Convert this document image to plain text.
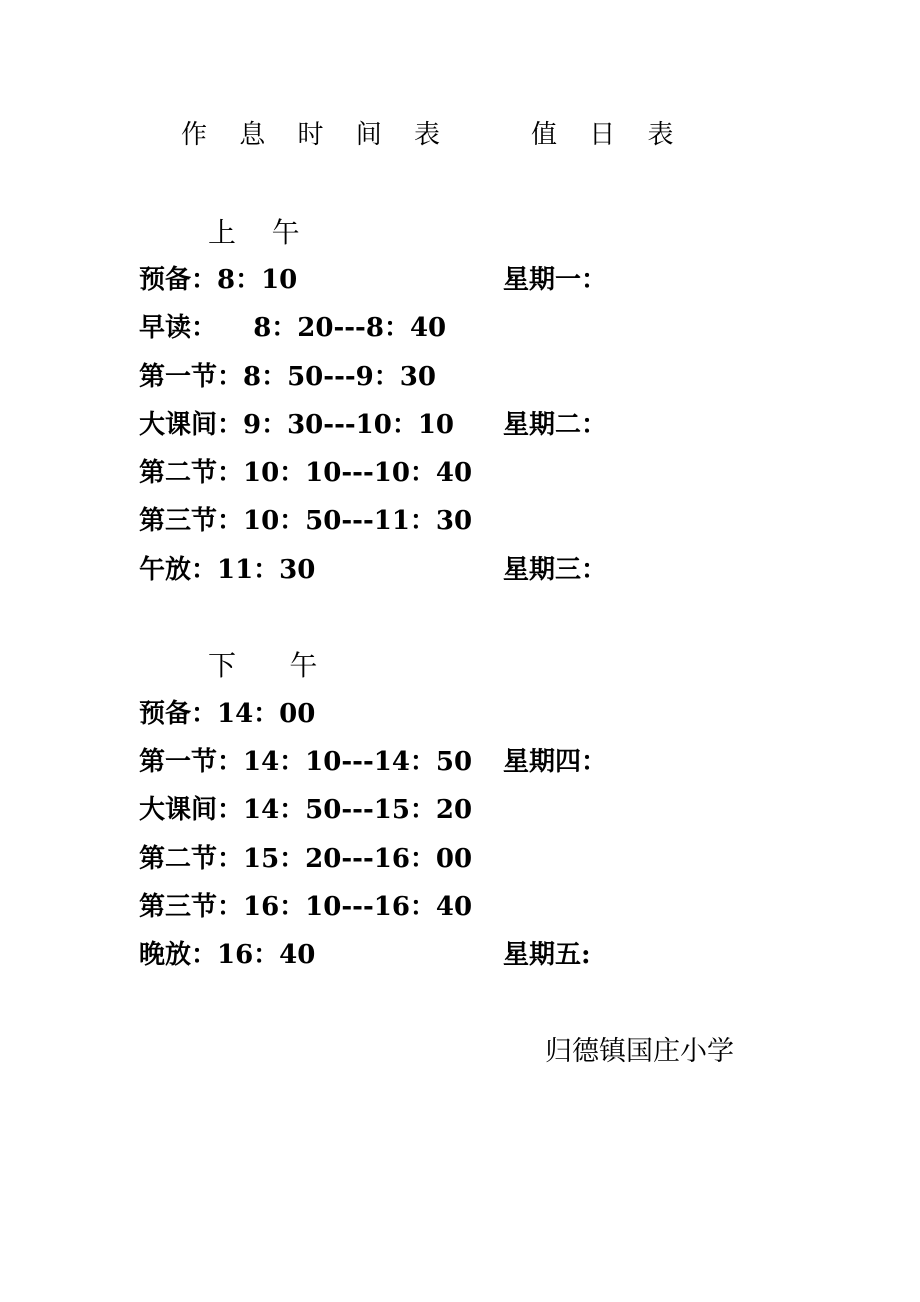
作 息 时 间 表	值 日 表
上    午
预备：8：10
早读：    8：20---8：40
第一节：8：50---9：30
大课间：9：30---10：10
第二节：10：10---10：40
第三节：10：50---11：30
午放：11：30
下      午
预备：14：00
第一节：14：10---14：50
大课间：14：50---15：20
第二节：15：20---16：00
第三节：16：10---16：40
晚放：16：40
星期一：
星期二：
星期三：
星期四：
星期五:
归德镇国庄小学
